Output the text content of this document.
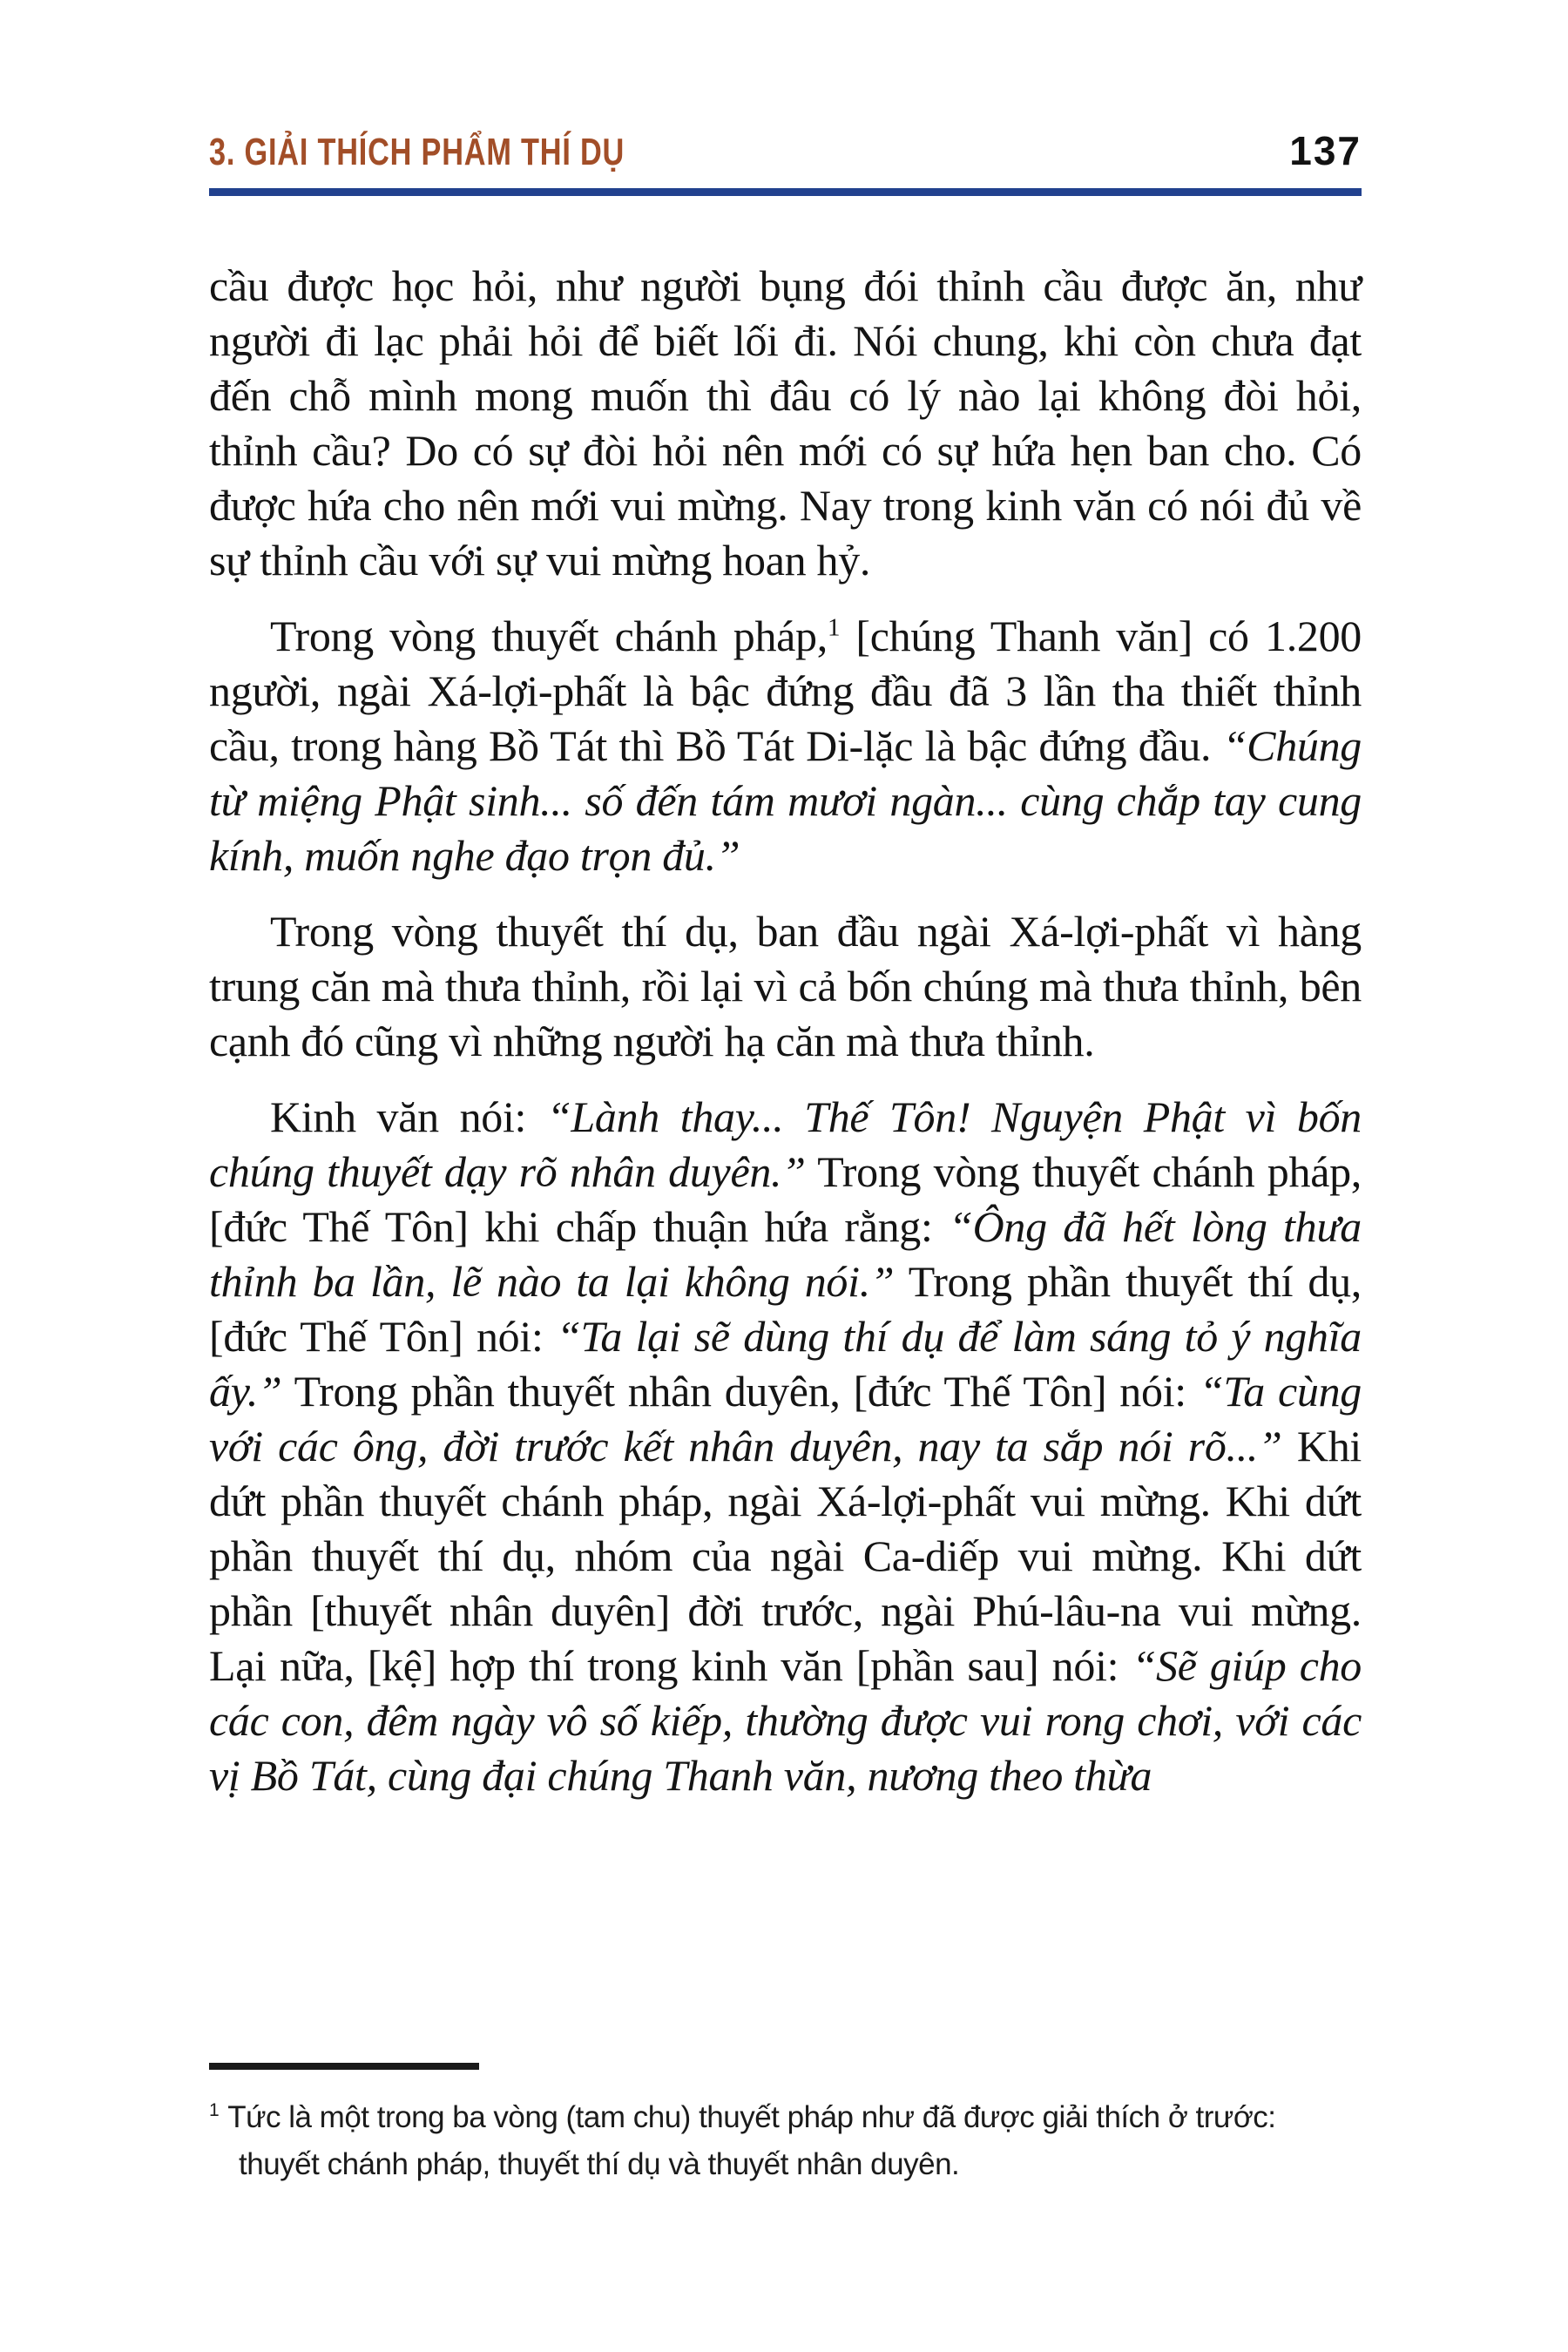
3. GIẢI THÍCH PHẨM THÍ DỤ	137

cầu được học hỏi, như người bụng đói thỉnh cầu được ăn, như người đi lạc phải hỏi để biết lối đi. Nói chung, khi còn chưa đạt đến chỗ mình mong muốn thì đâu có lý nào lại không đòi hỏi, thỉnh cầu? Do có sự đòi hỏi nên mới có sự hứa hẹn ban cho. Có được hứa cho nên mới vui mừng. Nay trong kinh văn có nói đủ về sự thỉnh cầu với sự vui mừng hoan hỷ.

Trong vòng thuyết chánh pháp,$^1$ [chúng Thanh văn] có 1.200 người, ngài Xá-lợi-phất là bậc đứng đầu đã 3 lần tha thiết thỉnh cầu, trong hàng Bồ Tát thì Bồ Tát Di-lặc là bậc đứng đầu. “Chúng từ miệng Phật sinh... số đến tám mươi ngàn... cùng chắp tay cung kính, muốn nghe đạo trọn đủ.”

Trong vòng thuyết thí dụ, ban đầu ngài Xá-lợi-phất vì hàng trung căn mà thưa thỉnh, rồi lại vì cả bốn chúng mà thưa thỉnh, bên cạnh đó cũng vì những người hạ căn mà thưa thỉnh.

Kinh văn nói: “Lành thay... Thế Tôn! Nguyện Phật vì bốn chúng thuyết dạy rõ nhân duyên.” Trong vòng thuyết chánh pháp, [đức Thế Tôn] khi chấp thuận hứa rằng: “Ông đã hết lòng thưa thỉnh ba lần, lẽ nào ta lại không nói.” Trong phần thuyết thí dụ, [đức Thế Tôn] nói: “Ta lại sẽ dùng thí dụ để làm sáng tỏ ý nghĩa ấy.” Trong phần thuyết nhân duyên, [đức Thế Tôn] nói: “Ta cùng với các ông, đời trước kết nhân duyên, nay ta sắp nói rõ...” Khi dứt phần thuyết chánh pháp, ngài Xá-lợi-phất vui mừng. Khi dứt phần thuyết thí dụ, nhóm của ngài Ca-diếp vui mừng. Khi dứt phần [thuyết nhân duyên] đời trước, ngài Phú-lâu-na vui mừng. Lại nữa, [kệ] hợp thí trong kinh văn [phần sau] nói: “Sẽ giúp cho các con, đêm ngày vô số kiếp, thường được vui rong chơi, với các vị Bồ Tát, cùng đại chúng Thanh văn, nương theo thừa

$^1$ Tức là một trong ba vòng (tam chu) thuyết pháp như đã được giải thích ở trước: thuyết chánh pháp, thuyết thí dụ và thuyết nhân duyên.
